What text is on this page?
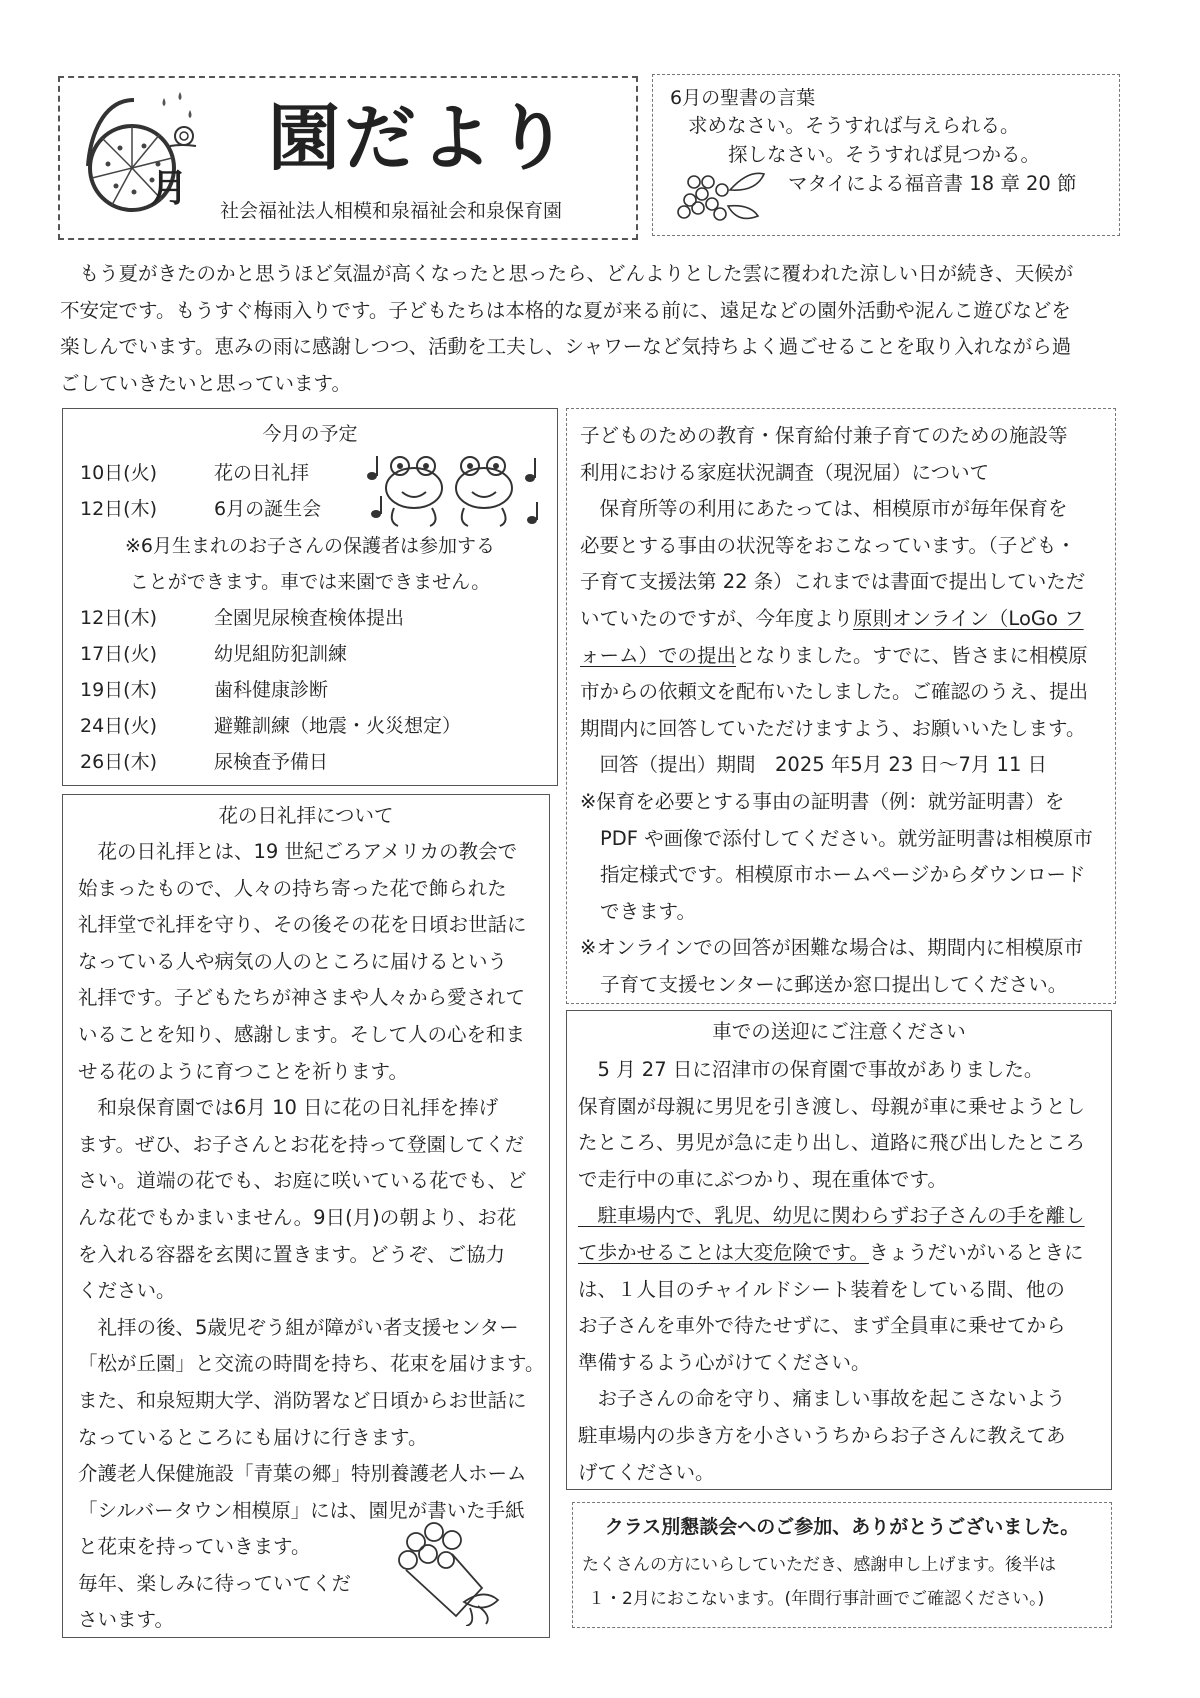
月
園だより
社会福祉法人相模和泉福祉会和泉保育園
6月の聖書の言葉
求めなさい。そうすれば与えられる。
探しなさい。そうすれば見つかる。
マタイによる福音書 18 章 20 節

　もう夏がきたのかと思うほど気温が高くなったと思ったら、どんよりとした雲に覆われた涼しい日が続き、天候が

不安定です。もうすぐ梅雨入りです。子どもたちは本格的な夏が来る前に、遠足などの園外活動や泥んこ遊びなどを

楽しんでいます。恵みの雨に感謝しつつ、活動を工夫し、シャワーなど気持ちよく過ごせることを取り入れながら過

ごしていきたいと思っています。

今月の予定
10日(火)	花の日礼拝
12日(木)	6月の誕生会

※6月生まれのお子さんの保護者は参加する

ことができます。車では来園できません。

12日(木)	全園児尿検査検体提出
17日(火)	幼児組防犯訓練
19日(木)	歯科健康診断
24日(火)	避難訓練（地震・火災想定）
26日(木)	尿検査予備日
花の日礼拝について

　花の日礼拝とは、19 世紀ごろアメリカの教会で

始まったもので、人々の持ち寄った花で飾られた

礼拝堂で礼拝を守り、その後その花を日頃お世話に

なっている人や病気の人のところに届けるという

礼拝です。子どもたちが神さまや人々から愛されて

いることを知り、感謝します。そして人の心を和ま

せる花のように育つことを祈ります。

　和泉保育園では6月 10 日に花の日礼拝を捧げ

ます。ぜひ、お子さんとお花を持って登園してくだ

さい。道端の花でも、お庭に咲いている花でも、ど

んな花でもかまいません。9日(月)の朝より、お花

を入れる容器を玄関に置きます。どうぞ、ご協力

ください。

　礼拝の後、5歳児ぞう組が障がい者支援センター

「松が丘園」と交流の時間を持ち、花束を届けます。

また、和泉短期大学、消防署など日頃からお世話に

なっているところにも届けに行きます。

介護老人保健施設「青葉の郷」特別養護老人ホーム

「シルバータウン相模原」には、園児が書いた手紙

と花束を持っていきます。

毎年、楽しみに待っていてくだ

さいます。

子どものための教育・保育給付兼子育てのための施設等

利用における家庭状況調査（現況届）について

　保育所等の利用にあたっては、相模原市が毎年保育を

必要とする事由の状況等をおこなっています。（子ども・

子育て支援法第 22 条）これまでは書面で提出していただ

いていたのですが、今年度より原則オンライン（LoGo フ

ォーム）での提出となりました。すでに、皆さまに相模原

市からの依頼文を配布いたしました。ご確認のうえ、提出

期間内に回答していただけますよう、お願いいたします。

　回答（提出）期間　2025 年5月 23 日～7月 11 日

※保育を必要とする事由の証明書（例：就労証明書）を

PDF や画像で添付してください。就労証明書は相模原市

指定様式です。相模原市ホームページからダウンロード

できます。

※オンラインでの回答が困難な場合は、期間内に相模原市

子育て支援センターに郵送か窓口提出してください。

車での送迎にご注意ください

　5 月 27 日に沼津市の保育園で事故がありました。

保育園が母親に男児を引き渡し、母親が車に乗せようとし

たところ、男児が急に走り出し、道路に飛び出したところ

で走行中の車にぶつかり、現在重体です。

　駐車場内で、乳児、幼児に関わらずお子さんの手を離し

て歩かせることは大変危険です。きょうだいがいるときに

は、１人目のチャイルドシート装着をしている間、他の

お子さんを車外で待たせずに、まず全員車に乗せてから

準備するよう心がけてください。

　お子さんの命を守り、痛ましい事故を起こさないよう

駐車場内の歩き方を小さいうちからお子さんに教えてあ

げてください。

クラス別懇談会へのご参加、ありがとうございました。
たくさんの方にいらしていただき、感謝申し上げます。後半は
１・2月におこないます。(年間行事計画でご確認ください。)
